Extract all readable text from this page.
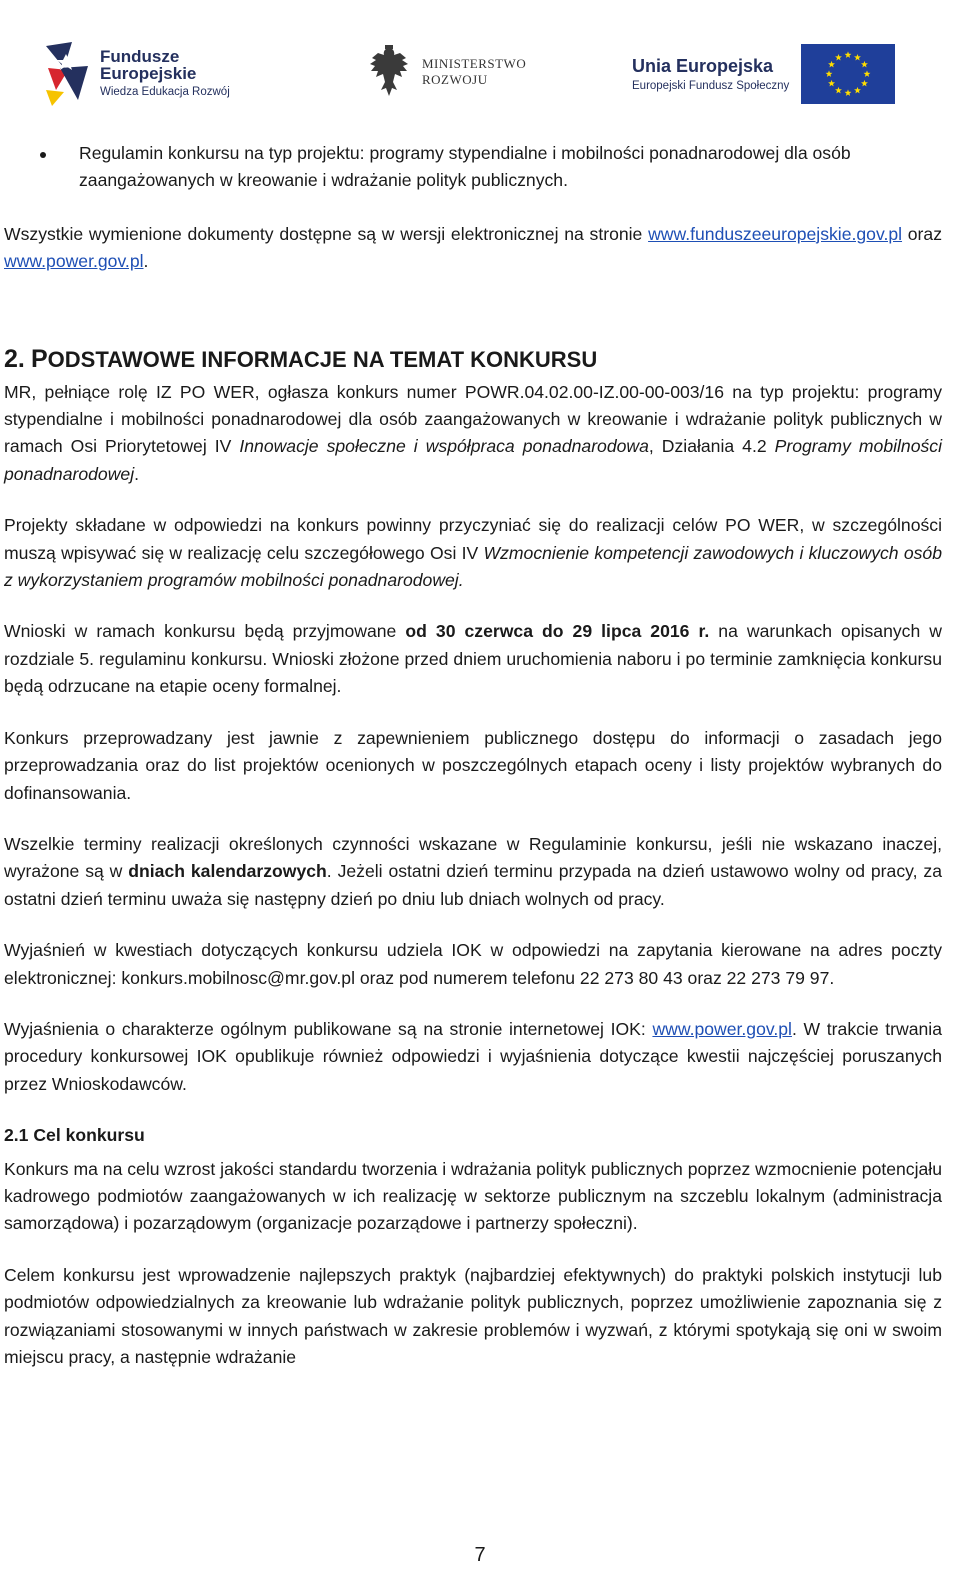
Fundusze
Europejskie
Wiedza Edukacja Rozwój
MINISTERSTWO
ROZWOJU
Unia Europejska
Europejski Fundusz Społeczny
Regulamin konkursu na typ projektu: programy stypendialne i mobilności ponadnarodowej dla osób zaangażowanych w kreowanie i wdrażanie polityk publicznych.

Wszystkie wymienione dokumenty dostępne są w wersji elektronicznej na stronie www.funduszeeuropejskie.gov.pl oraz www.power.gov.pl.

2. PODSTAWOWE INFORMACJE NA TEMAT KONKURSU

MR, pełniące rolę IZ PO WER, ogłasza konkurs numer POWR.04.02.00-IZ.00-00-003/16 na typ projektu: programy stypendialne i mobilności ponadnarodowej dla osób zaangażowanych w kreowanie i wdrażanie polityk publicznych w ramach Osi Priorytetowej IV Innowacje społeczne i współpraca ponadnarodowa, Działania 4.2 Programy mobilności ponadnarodowej.

Projekty składane w odpowiedzi na konkurs powinny przyczyniać się do realizacji celów PO WER, w szczególności muszą wpisywać się w realizację celu szczegółowego Osi IV Wzmocnienie kompetencji zawodowych i kluczowych osób z wykorzystaniem programów mobilności ponadnarodowej.

Wnioski w ramach konkursu będą przyjmowane od 30 czerwca do 29 lipca 2016 r. na warunkach opisanych w rozdziale 5. regulaminu konkursu. Wnioski złożone przed dniem uruchomienia naboru i po terminie zamknięcia konkursu będą odrzucane na etapie oceny formalnej.

Konkurs przeprowadzany jest jawnie z zapewnieniem publicznego dostępu do informacji o zasadach jego przeprowadzania oraz do list projektów ocenionych w poszczególnych etapach oceny i listy projektów wybranych do dofinansowania.

Wszelkie terminy realizacji określonych czynności wskazane w Regulaminie konkursu, jeśli nie wskazano inaczej, wyrażone są w dniach kalendarzowych. Jeżeli ostatni dzień terminu przypada na dzień ustawowo wolny od pracy, za ostatni dzień terminu uważa się następny dzień po dniu lub dniach wolnych od pracy.

Wyjaśnień w kwestiach dotyczących konkursu udziela IOK w odpowiedzi na zapytania kierowane na adres poczty elektronicznej: konkurs.mobilnosc@mr.gov.pl oraz pod numerem telefonu 22 273 80 43 oraz 22 273 79 97.

Wyjaśnienia o charakterze ogólnym publikowane są na stronie internetowej IOK: www.power.gov.pl. W trakcie trwania procedury konkursowej IOK opublikuje również odpowiedzi i wyjaśnienia dotyczące kwestii najczęściej poruszanych przez Wnioskodawców.

2.1 Cel konkursu

Konkurs ma na celu wzrost jakości standardu tworzenia i wdrażania polityk publicznych poprzez wzmocnienie potencjału kadrowego podmiotów zaangażowanych w ich realizację w sektorze publicznym na szczeblu lokalnym (administracja samorządowa) i pozarządowym (organizacje pozarządowe i partnerzy społeczni).

Celem konkursu jest wprowadzenie najlepszych praktyk (najbardziej efektywnych) do praktyki polskich instytucji lub podmiotów odpowiedzialnych za kreowanie lub wdrażanie polityk publicznych, poprzez umożliwienie zapoznania się z rozwiązaniami stosowanymi w innych państwach w zakresie problemów i wyzwań, z którymi spotykają się oni w swoim miejscu pracy, a następnie wdrażanie

7
